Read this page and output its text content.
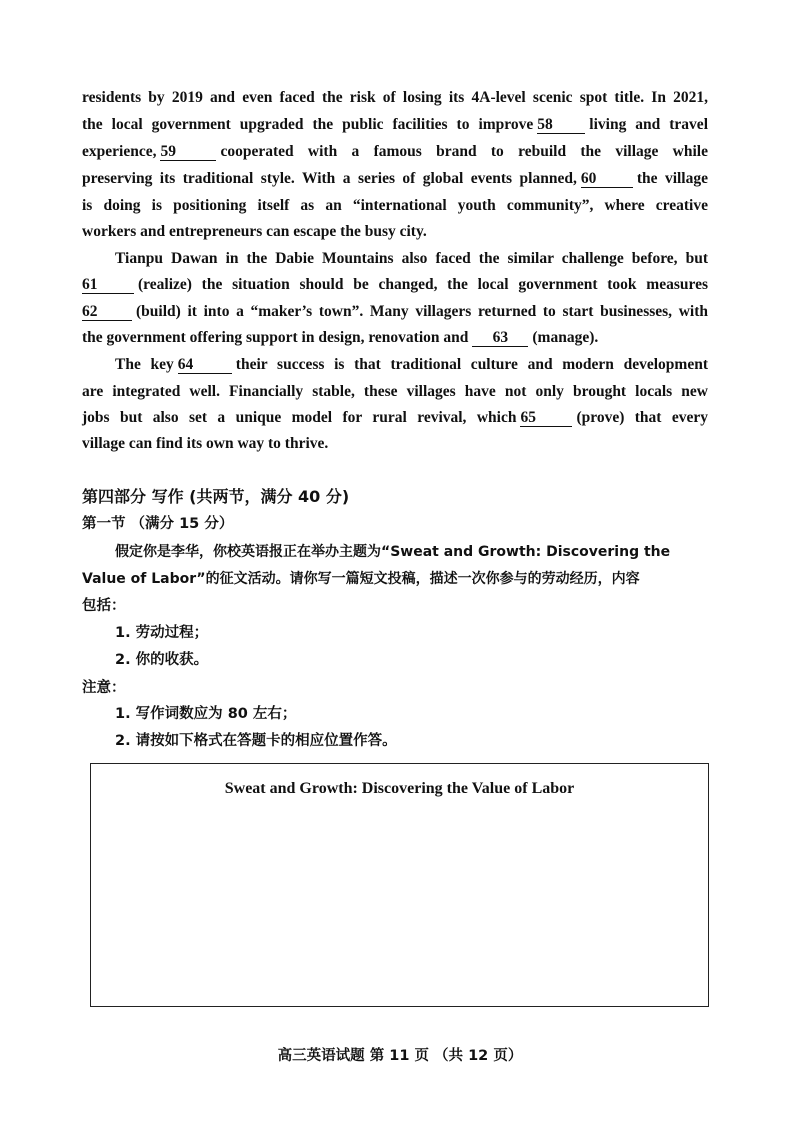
residents by 2019 and even faced the risk of losing its 4A-level scenic spot title. In 2021,
the local government upgraded the public facilities to improve 58 living and travel
experience, 59	cooperated with a famous brand to rebuild the village while
preserving its traditional style. With a series of global events planned, 60	the village
is doing is positioning itself as an “international youth community”, where creative
workers and entrepreneurs can escape the busy city.
Tianpu Dawan in the Dabie Mountains also faced the similar challenge before, but
61	(realize) the situation should be changed, the local government took measures
62 (build) it into a “maker’s town”. Many villagers returned to start businesses, with
the government offering support in design, renovation and 63 (manage).
The key 64	their success is that traditional culture and modern development
are integrated well. Financially stable, these villages have not only brought locals new
jobs but also set a unique model for rural revival, which 65	(prove) that every
village can find its own way to thrive.
第四部分 写作 (共两节，满分 40 分)
第一节 （满分 15 分）
假定你是李华，你校英语报正在举办主题为“Sweat and Growth: Discovering the
Value of Labor”的征文活动。请你写一篇短文投稿，描述一次你参与的劳动经历，内容
包括：
1. 劳动过程；
2. 你的收获。
注意：
1. 写作词数应为 80 左右；
2. 请按如下格式在答题卡的相应位置作答。
Sweat and Growth: Discovering the Value of Labor
高三英语试题 第 11 页 （共 12 页）
